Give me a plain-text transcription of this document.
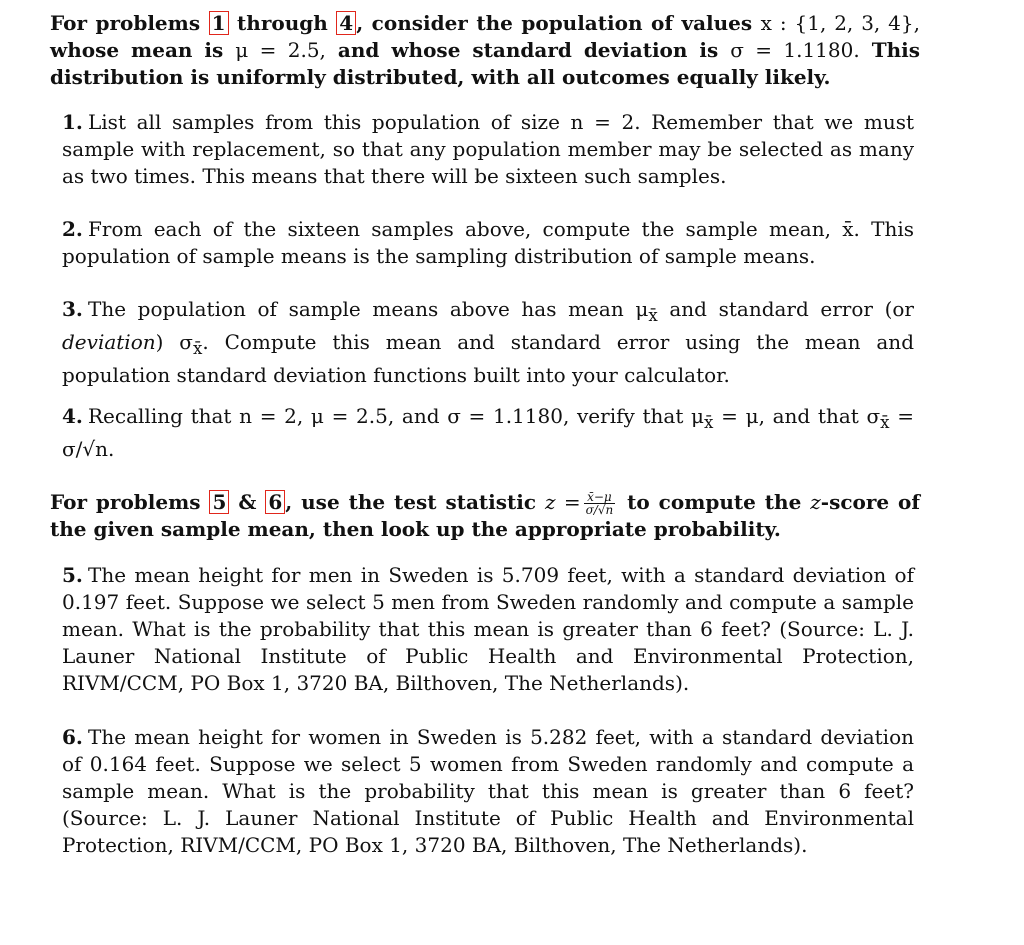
For problems 1 through 4 , consider the population of values x : {1, 2, 3, 4}, whose mean is μ = 2.5, and whose standard deviation is σ = 1.1180. This distribution is uniformly distributed, with all outcomes equally likely.
1. List all samples from this population of size n = 2. Remember that we must sample with replacement, so that any population member may be selected as many as two times. This means that there will be sixteen such samples.
2. From each of the sixteen samples above, compute the sample mean, x̄. This population of sample means is the sampling distribution of sample means.
3. The population of sample means above has mean $\mu_{x̄}$ and standard error (or deviation) $\sigma_{x̄}$. Compute this mean and standard error using the mean and population standard deviation functions built into your calculator.
4. Recalling that n = 2, μ = 2.5, and σ = 1.1180, verify that $\mu_{x̄} = \mu$, and that $\sigma_{x̄} = \sigma/√n$.
For problems 5 & 6 , use the test statistic $z = \frac{x̄-\mu}{\sigma/√n}$ to compute the z-score of the given sample mean, then look up the appropriate probability.
5. The mean height for men in Sweden is 5.709 feet, with a standard deviation of 0.197 feet. Suppose we select 5 men from Sweden randomly and compute a sample mean. What is the probability that this mean is greater than 6 feet? (Source: L. J. Launer National Institute of Public Health and Environmental Protection, RIVM/CCM, PO Box 1, 3720 BA, Bilthoven, The Netherlands).
6. The mean height for women in Sweden is 5.282 feet, with a standard deviation of 0.164 feet. Suppose we select 5 women from Sweden randomly and compute a sample mean. What is the probability that this mean is greater than 6 feet? (Source: L. J. Launer National Institute of Public Health and Environmental Protection, RIVM/CCM, PO Box 1, 3720 BA, Bilthoven, The Netherlands).
